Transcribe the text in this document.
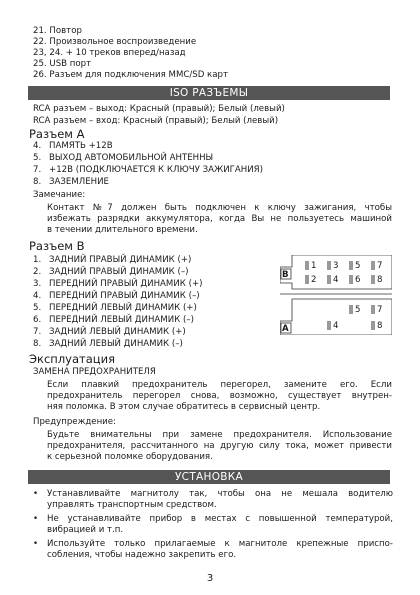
21. Повтор
22. Произвольное воспроизведение
23, 24. + 10 треков вперед/назад
25. USB порт
26. Разъем для подключения MMC/SD карт
ISO РАЗЪЕМЫ
RCA разъем – выход: Красный (правый); Белый (левый)
RCA разъем – вход: Красный (правый); Белый (левый)
Разъем А
4. ПАМЯТЬ +12В
5. ВЫХОД АВТОМОБИЛЬНОЙ АНТЕННЫ
7. +12В (ПОДКЛЮЧАЕТСЯ К КЛЮЧУ ЗАЖИГАНИЯ)
8. ЗАЗЕМЛЕНИЕ
Замечание:
Контакт №7 должен быть подключен к ключу зажигания, чтобы
избежать разрядки аккумулятора, когда Вы не пользуетесь машиной
в течении длительного времени.
Разъем В
1. ЗАДНИЙ ПРАВЫЙ ДИНАМИК (+)
2. ЗАДНИЙ ПРАВЫЙ ДИНАМИК (–)
3. ПЕРЕДНИЙ ПРАВЫЙ ДИНАМИК (+)
4. ПЕРЕДНИЙ ПРАВЫЙ ДИНАМИК (–)
5. ПЕРЕДНИЙ ЛЕВЫЙ ДИНАМИК (+)
6. ПЕРЕДНИЙ ЛЕВЫЙ ДИНАМИК (–)
7. ЗАДНИЙ ЛЕВЫЙ ДИНАМИК (+)
8. ЗАДНИЙ ЛЕВЫЙ ДИНАМИК (–)
B
A
1 3 5 7
2 4 6 8
5 7
4	8
Эксплуатация
ЗАМЕНА ПРЕДОХРАНИТЕЛЯ
Если плавкий предохранитель перегорел, замените его. Если
предохранитель перегорел снова, возможно, существует внутрен-
няя поломка. В этом случае обратитесь в сервисный центр.
Предупреждение:
Будьте внимательны при замене предохранителя. Использование
предохранителя, рассчитанного на другую силу тока, может привести
к серьезной поломке оборудования.
УСТАНОВКА
• Устанавливайте магнитолу так, чтобы она не мешала водителю
управлять транспортным средством.
• Не устанавливайте прибор в местах с повышенной температурой,
вибрацией и т.п.
• Используйте только прилагаемые к магнитоле крепежные приспо-
собления, чтобы надежно закрепить его.
3
